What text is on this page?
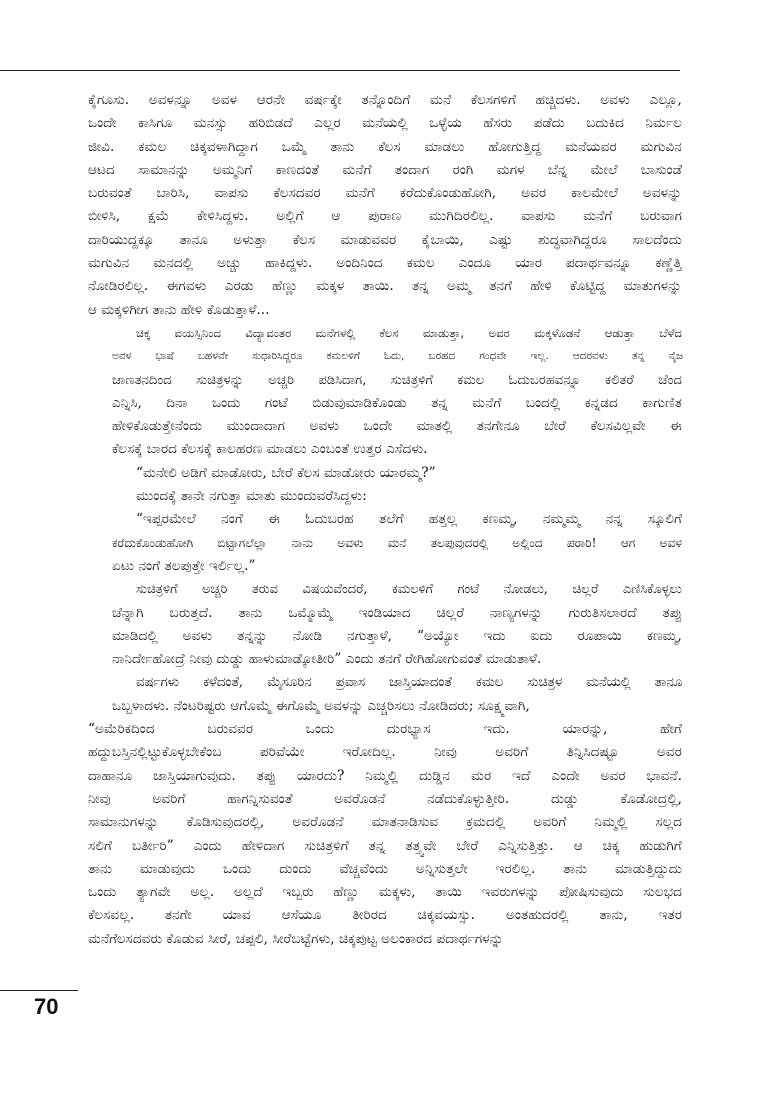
ಕೈಗೂಸು. ಅವಳನ್ನೂ ಅವಳ ಆರನೇ ವರ್ಷಕ್ಕೇ ತನ್ನೊಂದಿಗೆ ಮನೆ ಕೆಲಸಗಳಿಗೆ ಹಚ್ಚಿದಳು. ಅವಳು ಎಲ್ಲೂ,
ಒಂದೇ ಕಾಸಿಗೂ ಮನಸ್ಸು ಹರಿಬಿಡದೆ ಎಲ್ಲರ ಮನೆಯಲ್ಲಿ ಒಳ್ಳೆಯ ಹೆಸರು ಪಡೆದು ಬದುಕಿದ ನಿರ್ಮಲ
ಜೀವಿ. ಕಮಲ ಚಿಕ್ಕವಳಾಗಿದ್ದಾಗ ಒಮ್ಮೆ ತಾನು ಕೆಲಸ ಮಾಡಲು ಹೋಗುತ್ತಿದ್ದ ಮನೆಯವರ ಮಗುವಿನ
ಆಟದ ಸಾಮಾನನ್ನು ಅಮ್ಮನಿಗೆ ಕಾಣದಂತೆ ಮನೆಗೆ ತಂದಾಗ ರಂಗಿ ಮಗಳ ಬೆನ್ನ ಮೇಲೆ ಬಾಸುಂಡೆ
ಬರುವಂತೆ ಬಾರಿಸಿ, ವಾಪಸು ಕೆಲಸದವರ ಮನೆಗೆ ಕರೆದುಕೊಂಡುಹೋಗಿ, ಅವರ ಕಾಲಮೇಲೆ ಅವಳನ್ನು
ಬೀಳಿಸಿ, ಕ್ಷಮೆ ಕೇಳಿಸಿದ್ದಳು. ಅಲ್ಲಿಗೆ ಆ ಪುರಾಣ ಮುಗಿದಿರಲಿಲ್ಲ. ವಾಪಸು ಮನೆಗೆ ಬರುವಾಗ
ದಾರಿಯುದ್ದಕ್ಕೂ ತಾನೂ ಅಳುತ್ತಾ ಕೆಲಸ ಮಾಡುವವರ ಕೈಬಾಯಿ, ಎಷ್ಟು ಶುದ್ಧವಾಗಿದ್ದರೂ ಸಾಲದೆಂದು
ಮಗುವಿನ ಮನದಲ್ಲಿ ಅಚ್ಚು ಹಾಕಿದ್ದಳು. ಅಂದಿನಿಂದ ಕಮಲ ಎಂದೂ ಯಾರ ಪದಾರ್ಥವನ್ನೂ ಕಣ್ಣೆತ್ತಿ
ನೋಡಿರಲಿಲ್ಲ. ಈಗವಳು ಎರಡು ಹೆಣ್ಣು ಮಕ್ಕಳ ತಾಯಿ. ತನ್ನ ಅಮ್ಮ ತನಗೆ ಹೇಳಿ ಕೊಟ್ಟಿದ್ದ ಮಾತುಗಳನ್ನು
ಆ ಮಕ್ಕಳಿಗೀಗ ತಾನು ಹೇಳಿ ಕೊಡುತ್ತಾಳೆ...
ಚಿಕ್ಕ	ವಯಸ್ಸಿನಿಂದ	ವಿದ್ಯಾವಂತರ	ಮನೆಗಳಲ್ಲಿ	ಕೆಲಸ	ಮಾಡುತ್ತಾ,	ಅವರ	ಮಕ್ಕಳೊಡನೆ	ಆಡುತ್ತಾ	ಬೆಳೆದ
ಅವಳ	ಭಾಷೆ	ಬಹಳವೇ	ಸುಧಾರಿಸಿದ್ದರೂ	ಕಮಲಳಿಗೆ	ಓದು,	ಬರಹದ	ಗಂಧವೇ	ಇಲ್ಲ.	ಆದರವಳು	ತನ್ನ	ನೈಜ
ಜಾಣತನದಿಂದ	ಸುಚಿತ್ರಳನ್ನು	ಅಚ್ಚರಿ	ಪಡಿಸಿದಾಗ,	ಸುಚಿತ್ರಳಿಗೆ	ಕಮಲ	ಓದುಬರಹವನ್ನೂ	ಕಲಿತರೆ	ಚೆಂದ
ಎನ್ನಿಸಿ,	ದಿನಾ	ಒಂದು	ಗಂಟೆ	ಬಿಡುವುಮಾಡಿಕೊಂಡು	ತನ್ನ	ಮನೆಗೆ	ಬಂದಲ್ಲಿ	ಕನ್ನಡದ	ಕಾಗುಣಿತ
ಹೇಳಿಕೊಡುತ್ತೇನೆಂದು	ಮುಂದಾದಾಗ	ಅವಳು	ಒಂದೇ	ಮಾತಲ್ಲಿ	ತನಗೇನೂ	ಬೇರೆ	ಕೆಲಸವಿಲ್ಲವೇ	ಈ
ಕೆಲಸಕ್ಕೆ ಬಾರದ ಕೆಲಸಕ್ಕೆ ಕಾಲಹರಣ ಮಾಡಲು ಎಂಬಂತೆ ಉತ್ತರ ಎಸೆದಳು.
“ಮನೇಲಿ ಅಡಿಗೆ ಮಾಡೋರು, ಬೇರೆ ಕೆಲಸ ಮಾಡೋರು ಯಾರಮ್ಮ?”
ಮುಂದಕ್ಕೆ ತಾನೇ ನಗುತ್ತಾ ಮಾತು ಮುಂದುವರೆಸಿದ್ದಳು:
“ಇಪ್ಪರಮೇಲೆ	ನಂಗೆ	ಈ	ಓದುಬರಹ	ತಲೆಗೆ	ಹತ್ತಲ್ಲ	ಕಣಮ್ಮ,	ನಮ್ಮಮ್ಮ	ನನ್ನ	ಸ್ಕೂಲಿಗೆ
ಕರೆದುಕೊಂಡುಹೋಗಿ	ಬಿಟ್ಟಾಗಲೆಲ್ಲಾ	ನಾನು	ಅವಳು	ಮನೆ	ತಲಪುವುದರಲ್ಲಿ	ಅಲ್ಲಿಂದ	ಪರಾರಿ!	ಆಗ	ಅವಳ
ಏಟು ನಂಗೆ ತಲಪುತ್ತೇ ಇರ್ಲಿಲ್ಲ.”
ಸುಚಿತ್ರಳಿಗೆ	ಅಚ್ಚರಿ	ತರುವ	ವಿಷಯವೆಂದರೆ,	ಕಮಲಳಿಗೆ	ಗಂಟೆ	ನೋಡಲು,	ಚಿಲ್ಲರೆ	ಎಣಿಸಿಕೊಳ್ಳಲು
ಚೆನ್ನಾಗಿ	ಬರುತ್ತದೆ.	ತಾನು	ಒಮ್ಮೊಮ್ಮೆ	ಇಂಡಿಯಾದ	ಚಿಲ್ಲರೆ	ನಾಣ್ಯಗಳನ್ನು	ಗುರುತಿಸಲಾರದೆ	ತಪ್ಪು
ಮಾಡಿದಲ್ಲಿ	ಅವಳು	ತನ್ನನ್ನು	ನೋಡಿ	ನಗುತ್ತಾಳೆ,	“ಅಯ್ಯೋ	ಇದು	ಐದು	ರೂಪಾಯಿ	ಕಣಮ್ಮ,
ನಾನಿರ್ದೇಹೋದ್ರೆ ನೀವು ದುಡ್ಡು ಹಾಳುಮಾಡ್ಕೋತೀರಿ” ಎಂದು ತನಗೆ ರೇಗಿಹೋಗುವಂತೆ ಮಾಡುತಾಳೆ.
ವರ್ಷಗಳು	ಕಳೆದಂತೆ,	ಮೈಸೂರಿನ	ಪ್ರವಾಸ	ಜಾಸ್ತಿಯಾದಂತೆ	ಕಮಲ	ಸುಚಿತ್ರಳ	ಮನೆಯಲ್ಲಿ	ತಾನೂ
ಒಬ್ಬಳಾದಳು. ನೆಂಟರಿಷ್ಟರು ಆಗೊಮ್ಮೆ ಈಗೊಮ್ಮೆ ಅವಳನ್ನು ಎಚ್ಚರಿಸಲು ನೋಡಿದರು; ಸೂಕ್ಷ್ಮವಾಗಿ,
“ಅಮೆರಿಕದಿಂದ	ಬರುವವರ	ಒಂದು	ದುರಭ್ಯಾಸ	ಇದು.	ಯಾರನ್ನು,	ಹೇಗೆ
ಹದ್ದುಬಸ್ತಿನಲ್ಲಿಟ್ಟುಕೊಳ್ಳಬೇಕೆಂಬ	ಪರಿವೆಯೇ	ಇರೋದಿಲ್ಲ.	ನೀವು	ಅವರಿಗೆ	ತಿನ್ನಿಸಿದಷ್ಟೂ	ಅವರ
ದಾಹಾನೂ ಜಾಸ್ತಿಯಾಗುವುದು. ತಪ್ಪು ಯಾರದು? ನಿಮ್ಮಲ್ಲಿ ದುಡ್ಡಿನ ಮರ ಇದೆ ಎಂದೇ ಅವರ ಭಾವನೆ.
ನೀವು	ಅವರಿಗೆ	ಹಾಗನ್ನಿಸುವಂತೆ	ಅವರೊಡನೆ	ನಡೆದುಕೊಳ್ಳುತ್ತೀರಿ.	ದುಡ್ಡು	ಕೊಡೋದ್ರಲ್ಲಿ,
ಸಾಮಾನುಗಳನ್ನು ಕೊಡಿಸುವುದರಲ್ಲಿ, ಅವರೊಡನೆ ಮಾತನಾಡಿಸುವ ಕ್ರಮದಲ್ಲಿ ಅವರಿಗೆ ನಿಮ್ಮಲ್ಲಿ ಸಲ್ಲದ
ಸಲಿಗೆ ಬರ್ತೀರಿ” ಎಂದು ಹೇಳಿದಾಗ ಸುಚಿತ್ರಳಿಗೆ ತನ್ನ ತತ್ತ್ವವೇ ಬೇರೆ ಎನ್ನಿಸುತ್ತಿತ್ತು. ಆ ಚಿಕ್ಕ ಹುಡುಗಿಗೆ
ತಾನು ಮಾಡುವುದು ಒಂದು ದುಂದು ವೆಚ್ಚವೆಂದು ಅನ್ನಿಸುತ್ತಲೇ ಇರಲಿಲ್ಲ. ತಾನು ಮಾಡುತ್ತಿದ್ದುದು
ಒಂದು ತ್ಯಾಗವೇ ಅಲ್ಲ. ಅಲ್ಲದೆ ಇಬ್ಬರು ಹೆಣ್ಣು ಮಕ್ಕಳು, ತಾಯಿ ಇವರುಗಳನ್ನು ಪೋಷಿಸುವುದು ಸುಲಭದ
ಕೆಲಸವಲ್ಲ. ತನಗೇ ಯಾವ ಆಸೆಯೂ ತೀರಿರದ ಚಿಕ್ಕವಯಸ್ಸು. ಅಂತಹುದರಲ್ಲಿ ತಾನು, ಇತರ
ಮನೆಗೆಲಸದವರು ಕೊಡುವ ಸೀರೆ, ಚಪ್ಪಲಿ, ಸೀರೆಬಟ್ಟೆಗಳು, ಚಿಕ್ಕಪುಟ್ಟ ಅಲಂಕಾರದ ಪದಾರ್ಥಗಳನ್ನು
70
